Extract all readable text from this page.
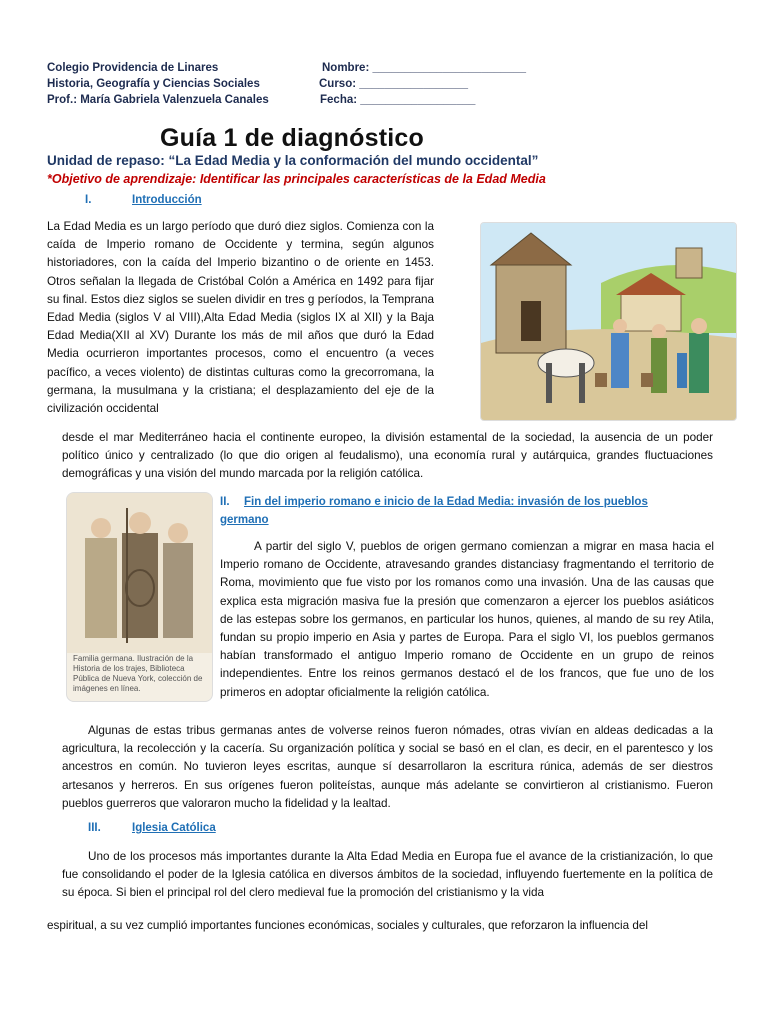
Colegio Providencia de Linares
Historia, Geografía y Ciencias Sociales
Prof.: María Gabriela Valenzuela Canales
Nombre: ________________________
Curso: _________________
Fecha: __________________
Guía 1 de diagnóstico
Unidad de repaso: “La Edad Media y la conformación del mundo occidental”
*Objetivo de aprendizaje: Identificar las principales características de la Edad Media
I.	Introducción

La Edad Media es un largo período que duró diez siglos. Comienza con la caída de Imperio romano de Occidente y termina, según algunos historiadores, con la caída del Imperio bizantino o de oriente en 1453. Otros señalan la llegada de Cristóbal Colón a América en 1492 para fijar su final. Estos diez siglos se suelen dividir en tres g períodos, la Temprana Edad Media (siglos V al VIII),Alta Edad Media (siglos IX al XII) y la Baja Edad Media(XII al XV) Durante los más de mil años que duró la Edad Media ocurrieron importantes procesos, como el encuentro (a veces pacífico, a veces violento) de distintas culturas como la grecorromana, la germana, la musulmana y la cristiana; el desplazamiento del eje de la civilización occidental

desde el mar Mediterráneo hacia el continente europeo, la división estamental de la sociedad, la ausencia de un poder político único y centralizado (lo que dio origen al feudalismo), una economía rural y autárquica, grandes fluctuaciones demográficas y una visión del mundo marcada por la religión católica.

Familia germana. Ilustración de la Historia de los trajes, Biblioteca Pública de Nueva York, colección de imágenes en línea.
II. Fin del imperio romano e inicio de la Edad Media: invasión de los pueblos germano

A partir del siglo V, pueblos de origen germano comienzan a migrar en masa hacia el Imperio romano de Occidente, atravesando grandes distanciasy fragmentando el territorio de Roma, movimiento que fue visto por los romanos como una invasión. Una de las causas que explica esta migración masiva fue la presión que comenzaron a ejercer los pueblos asiáticos de las estepas sobre los germanos, en particular los hunos, quienes, al mando de su rey Atila, fundan su propio imperio en Asia y partes de Europa. Para el siglo VI, los pueblos germanos habían transformado el antiguo Imperio romano de Occidente en un grupo de reinos independientes. Entre los reinos germanos destacó el de los francos, que fue uno de los primeros en adoptar oficialmente la religión católica.

Algunas de estas tribus germanas antes de volverse reinos fueron nómades, otras vivían en aldeas dedicadas a la agricultura, la recolección y la cacería. Su organización política y social se basó en el clan, es decir, en el parentesco y los ancestros en común. No tuvieron leyes escritas, aunque sí desarrollaron la escritura rúnica, además de ser diestros artesanos y herreros. En sus orígenes fueron politeístas, aunque más adelante se convirtieron al cristianismo. Fueron pueblos guerreros que valoraron mucho la fidelidad y la lealtad.

III.	Iglesia Católica

Uno de los procesos más importantes durante la Alta Edad Media en Europa fue el avance de la cristianización, lo que fue consolidando el poder de la Iglesia católica en diversos ámbitos de la sociedad, influyendo fuertemente en la política de su época. Si bien el principal rol del clero medieval fue la promoción del cristianismo y la vida

espiritual, a su vez cumplió importantes funciones económicas, sociales y culturales, que reforzaron la influencia del
